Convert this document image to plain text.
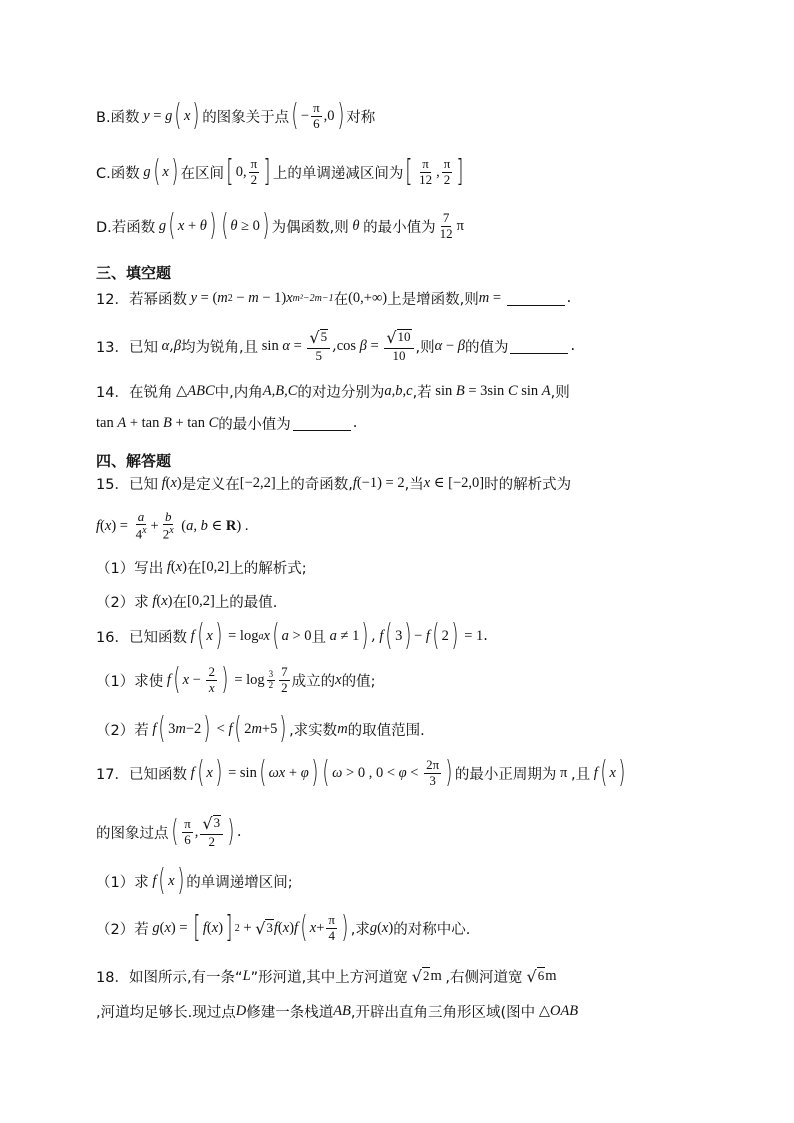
B.函数 y = g ( x ) 的图象关于点 ( − $\frac{\pi}{6} ,0$ ) 对称
C.函数 g ( x ) 在区间 [ 0, $\frac{\pi}{2}$ ] 上的单调递减区间为 [ $\frac{\pi}{12}$ , $\frac{\pi}{2}$ ]
D.若函数 g ( x + θ ) ( θ ≥ 0 ) 为偶函数,则 θ 的最小值为 $\frac{7}{12}$ π
三、填空题
12．若幂函数 y = ( m 2 − m − 1) x m²−2m−1 在 (0,+∞) 上是增函数,则 m =	.
13．已知 α , β 均为锐角,且 $\sin \alpha = \frac{√ 5}{5}$ , $\cos \beta = \frac{√ 10}{10}$ ,则 α − β 的值为	.
14．在锐角 △ ABC 中,内角 A,B,C 的对边分别为 a,b,c ,若 sin B = 3sin C sin A ,则
tan A + tan B + tan C 的最小值为	.
四、解答题
15．已知 f ( x ) 是定义在 [−2,2] 上的奇函数, f (−1) = 2 ,当 x ∈ [−2,0] 时的解析式为
f ( x ) = $\frac{a}{4^x} + \frac{b}{2^x}$ ( a, b ∈ R) .
（1）写出 f ( x ) 在 [0,2] 上的解析式;
（2）求 f ( x ) 在 [0,2] 上的最值.
16．已知函数 f ( x ) = log a x ( a > 0 且 a ≠ 1 ) , f ( 3 ) − f ( 2 ) = 1 .
（1）求使 f ( $x - \frac{2}{x}$ ) = $\log \frac{3}{2} \frac{7}{2}$ 成立的 x 的值;
（2）若 f ( 3 m −2 ) < f ( 2 m +5 ) ,求实数 m 的取值范围.
17．已知函数 f ( x ) = sin ( ωx + φ ) ( ω > 0 , $0 < \varphi < \frac{2\pi}{3}$ ) 的最小正周期为 π ,且 f ( x )
的图象过点 ( $\frac{\pi}{6}$ , $\frac{√ 3}{2}$ ) .
（1）求 f ( x ) 的单调递增区间;
（2）若 g ( x ) = [ f ( x ) ] 2 + √ 3 f ( x ) f ( $x + \frac{\pi}{4}$ ) ,求 g ( x ) 的对称中心.
18．如图所示,有一条“ L ”形河道,其中上方河道宽 √ 2 m ,右侧河道宽 √ 6 m
,河道均足够长.现过点 D 修建一条栈道 AB ,开辟出直角三角形区域(图中 △ OAB
